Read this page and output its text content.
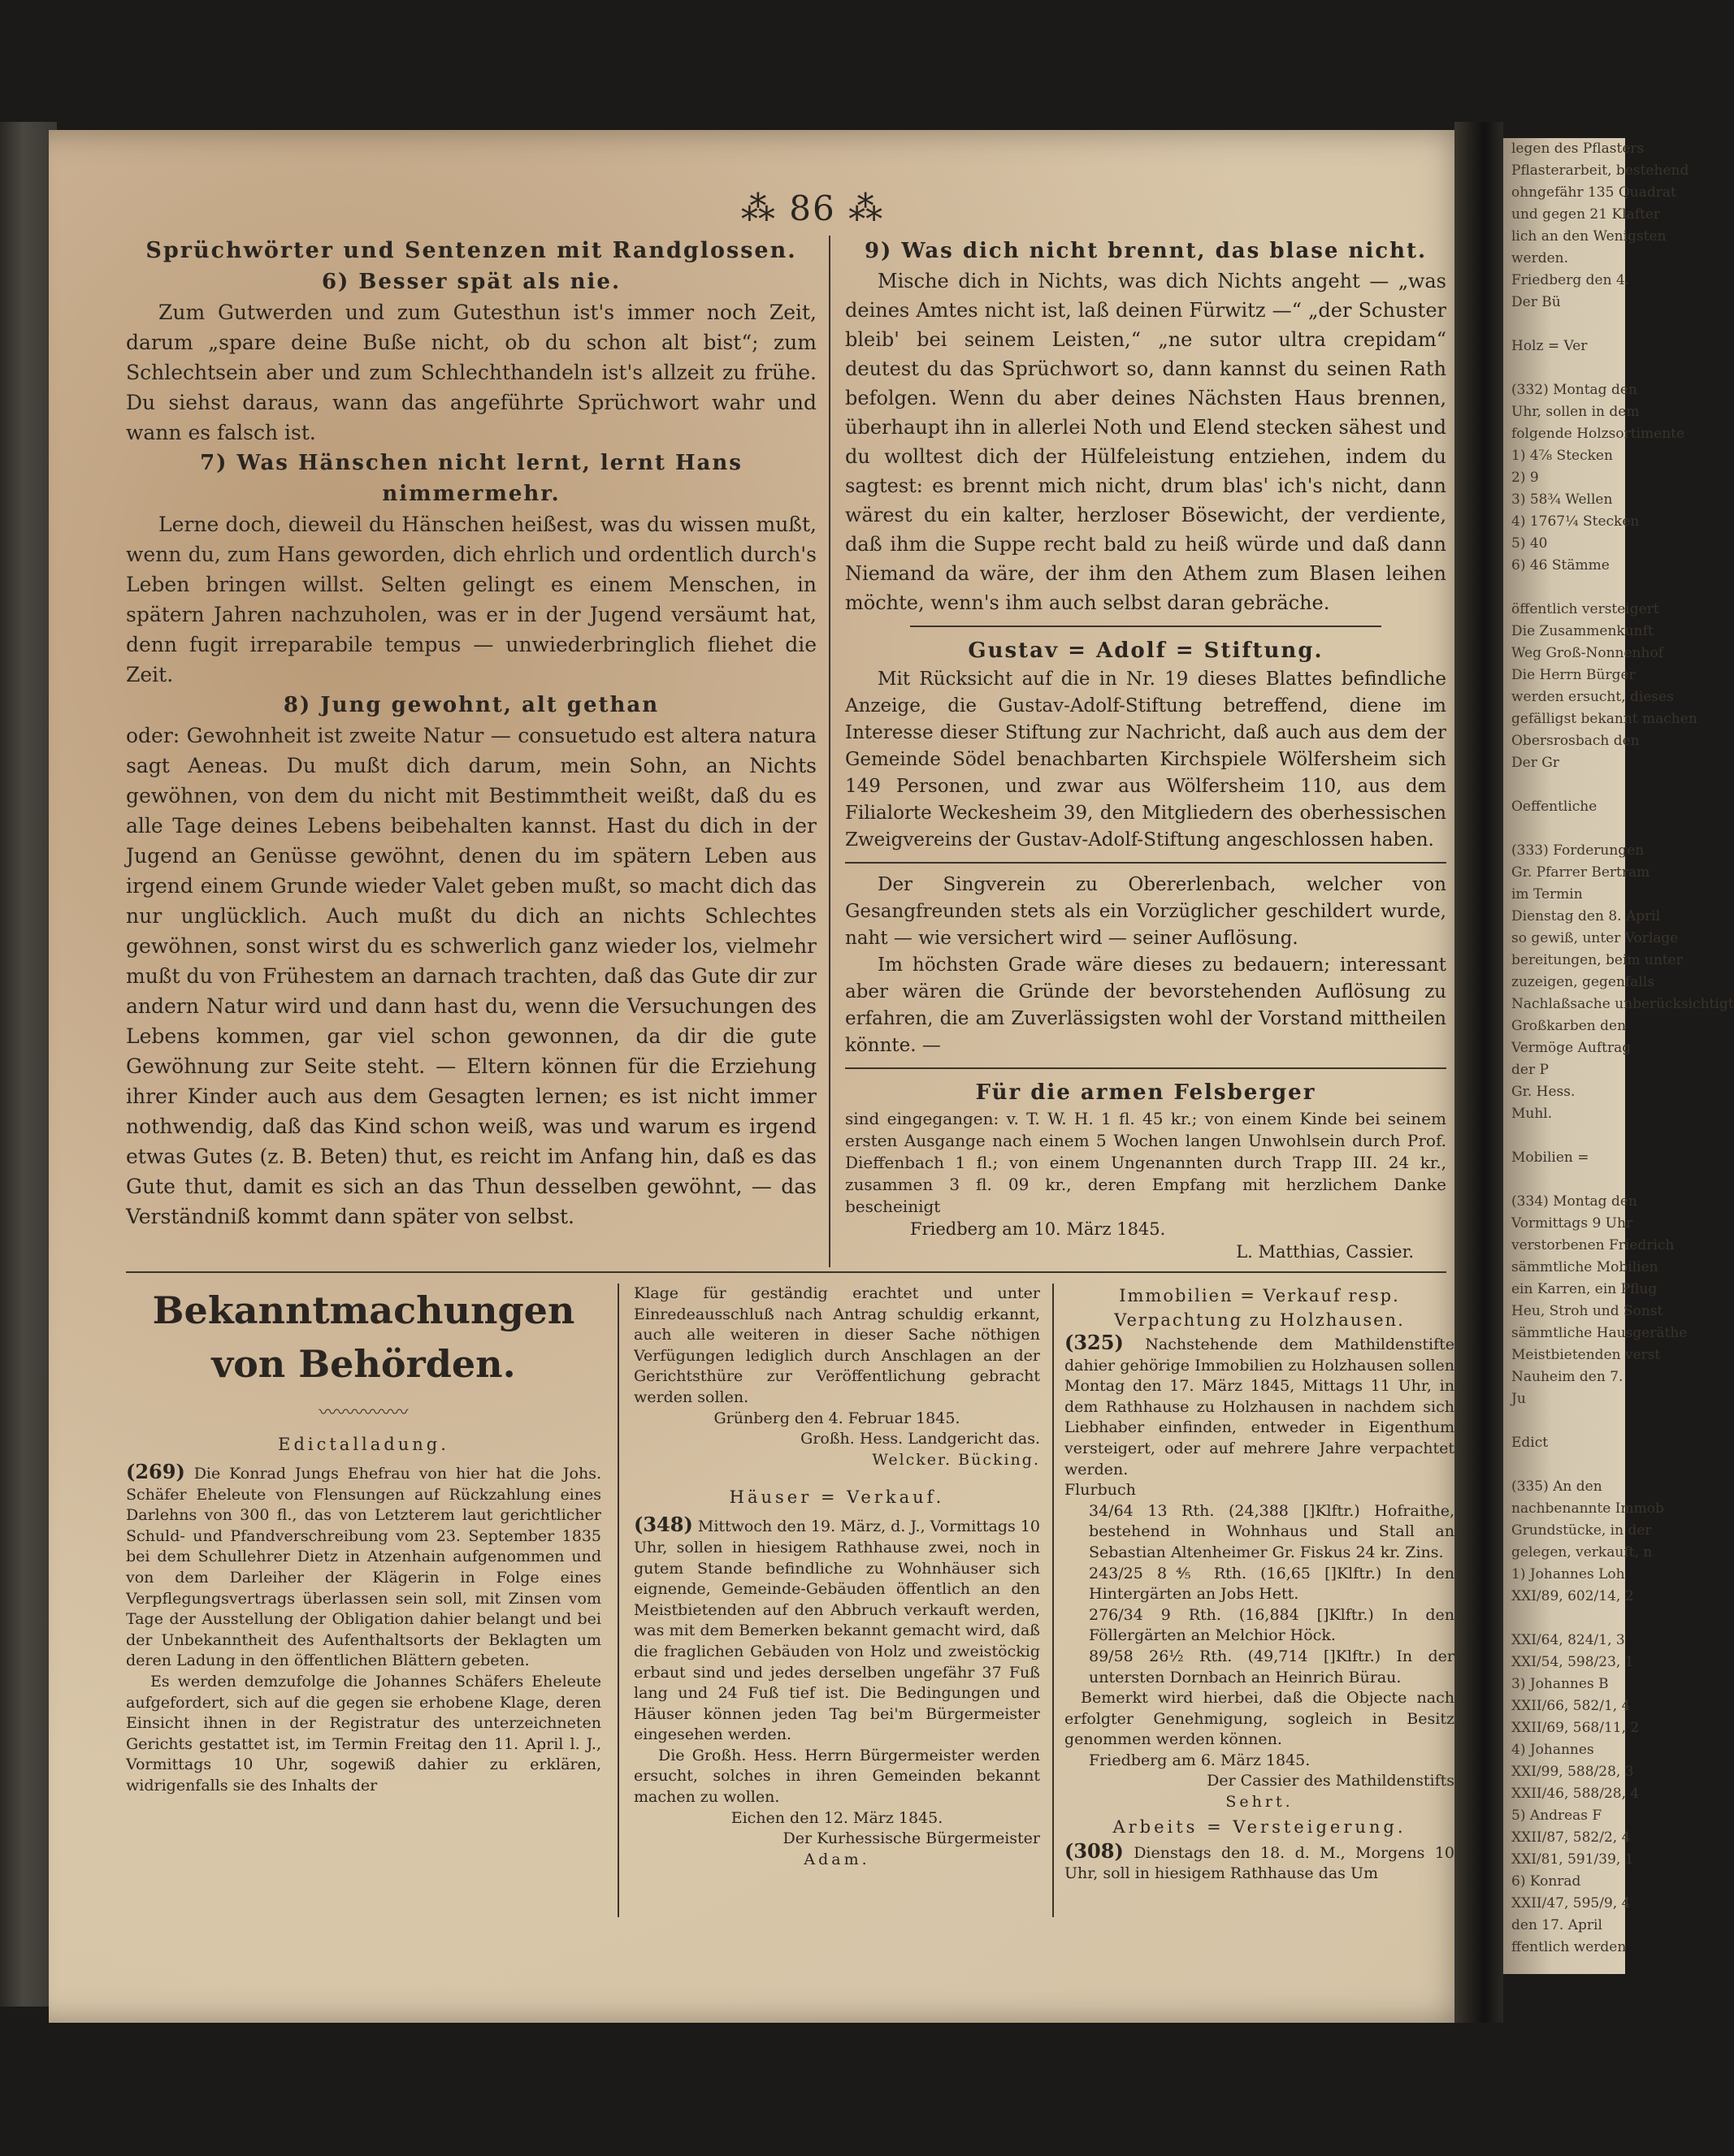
legen des Pflasters
Pflasterarbeit, bestehend
ohngefähr 135 Quadrat
und gegen 21 Klafter
lich an den Wenigsten
werden.
Friedberg den 4.
Der Bü

Holz = Ver

(332) Montag den
Uhr, sollen in dem
folgende Holzsortimente
1) 4⅞ Stecken
2) 9
3) 58¾ Wellen
4) 1767¼ Stecken
5) 40
6) 46 Stämme

öffentlich versteigert
Die Zusammenkunft
Weg Groß-Nonnenhof
Die Herrn Bürger
werden ersucht, dieses
gefälligst bekannt machen
Obersrosbach den
Der Gr

Oeffentliche

(333) Forderungen
Gr. Pfarrer Bertram
im Termin
Dienstag den 8. April
so gewiß, unter Vorlage
bereitungen, beim unter
zuzeigen, gegenfalls
Nachlaßsache unberücksichtigt
Großkarben den
Vermöge Auftrag
der P
Gr. Hess.
Muhl.

Mobilien =

(334) Montag den
Vormittags 9 Uhr
verstorbenen Friedrich
sämmtliche Mobilien
ein Karren, ein Pflug
Heu, Stroh und Sonst
sämmtliche Hausgeräthe
Meistbietenden verst
Nauheim den 7.
Ju

Edict

(335) An den
nachbenannte Immob
Grundstücke, in der
gelegen, verkauft, n
1) Johannes Loh
XXI/89, 602/14, 2

XXI/64, 824/1, 3
XXI/54, 598/23, 1
3) Johannes B
XXII/66, 582/1, 4
XXII/69, 568/11, 2
4) Johannes
XXI/99, 588/28, 3
XXII/46, 588/28, 4
5) Andreas F
XXII/87, 582/2, 4
XXI/81, 591/39, 1
6) Konrad
XXII/47, 595/9, 4
den 17. April
ffentlich werden
⁂ 86 ⁂

Sprüchwörter und Sentenzen mit Randglossen.

6) Besser spät als nie.

Zum Gutwerden und zum Gutesthun ist's immer noch Zeit, darum „spare deine Buße nicht, ob du schon alt bist“; zum Schlechtsein aber und zum Schlechthandeln ist's allzeit zu frühe. Du siehst daraus, wann das angeführte Sprüchwort wahr und wann es falsch ist.

7) Was Hänschen nicht lernt, lernt Hans nimmermehr.

Lerne doch, dieweil du Hänschen heißest, was du wissen mußt, wenn du, zum Hans geworden, dich ehrlich und ordentlich durch's Leben bringen willst. Selten gelingt es einem Menschen, in spätern Jahren nachzuholen, was er in der Jugend versäumt hat, denn fugit irreparabile tempus — unwiederbringlich fliehet die Zeit.

8) Jung gewohnt, alt gethan

oder: Gewohnheit ist zweite Natur — consuetudo est altera natura sagt Aeneas. Du mußt dich darum, mein Sohn, an Nichts gewöhnen, von dem du nicht mit Bestimmtheit weißt, daß du es alle Tage deines Lebens beibehalten kannst. Hast du dich in der Jugend an Genüsse gewöhnt, denen du im spätern Leben aus irgend einem Grunde wieder Valet geben mußt, so macht dich das nur unglücklich. Auch mußt du dich an nichts Schlechtes gewöhnen, sonst wirst du es schwerlich ganz wieder los, vielmehr mußt du von Frühestem an darnach trachten, daß das Gute dir zur andern Natur wird und dann hast du, wenn die Versuchungen des Lebens kommen, gar viel schon gewonnen, da dir die gute Gewöhnung zur Seite steht. — Eltern können für die Erziehung ihrer Kinder auch aus dem Gesagten lernen; es ist nicht immer nothwendig, daß das Kind schon weiß, was und warum es irgend etwas Gutes (z. B. Beten) thut, es reicht im Anfang hin, daß es das Gute thut, damit es sich an das Thun desselben gewöhnt, — das Verständniß kommt dann später von selbst.

9) Was dich nicht brennt, das blase nicht.

Mische dich in Nichts, was dich Nichts angeht — „was deines Amtes nicht ist, laß deinen Fürwitz —“ „der Schuster bleib' bei seinem Leisten,“ „ne sutor ultra crepidam“ deutest du das Sprüchwort so, dann kannst du seinen Rath befolgen. Wenn du aber deines Nächsten Haus brennen, überhaupt ihn in allerlei Noth und Elend stecken sähest und du wolltest dich der Hülfeleistung entziehen, indem du sagtest: es brennt mich nicht, drum blas' ich's nicht, dann wärest du ein kalter, herzloser Bösewicht, der verdiente, daß ihm die Suppe recht bald zu heiß würde und daß dann Niemand da wäre, der ihm den Athem zum Blasen leihen möchte, wenn's ihm auch selbst daran gebräche.

Gustav = Adolf = Stiftung.

Mit Rücksicht auf die in Nr. 19 dieses Blattes befindliche Anzeige, die Gustav-Adolf-Stiftung betreffend, diene im Interesse dieser Stiftung zur Nachricht, daß auch aus dem der Gemeinde Södel benachbarten Kirchspiele Wölfersheim sich 149 Personen, und zwar aus Wölfersheim 110, aus dem Filialorte Weckesheim 39, den Mitgliedern des oberhessischen Zweigvereins der Gustav-Adolf-Stiftung angeschlossen haben.

Der Singverein zu Obererlenbach, welcher von Gesangfreunden stets als ein Vorzüglicher geschildert wurde, naht — wie versichert wird — seiner Auflösung.

Im höchsten Grade wäre dieses zu bedauern; interessant aber wären die Gründe der bevorstehenden Auflösung zu erfahren, die am Zuverlässigsten wohl der Vorstand mittheilen könnte. —

Für die armen Felsberger

sind eingegangen: v. T. W. H. 1 fl. 45 kr.; von einem Kinde bei seinem ersten Ausgange nach einem 5 Wochen langen Unwohlsein durch Prof. Dieffenbach 1 fl.; von einem Ungenannten durch Trapp III. 24 kr., zusammen 3 fl. 09 kr., deren Empfang mit herzlichem Danke bescheinigt

Friedberg am 10. März 1845.

L. Matthias, Cassier.

Bekanntmachungen von Behörden.

〰〰〰〰〰

Edictalladung.

(269) Die Konrad Jungs Ehefrau von hier hat die Johs. Schäfer Eheleute von Flensungen auf Rückzahlung eines Darlehns von 300 fl., das von Letzterem laut gerichtlicher Schuld- und Pfandverschreibung vom 23. September 1835 bei dem Schullehrer Dietz in Atzenhain aufgenommen und von dem Darleiher der Klägerin in Folge eines Verpflegungsvertrags überlassen sein soll, mit Zinsen vom Tage der Ausstellung der Obligation dahier belangt und bei der Unbekanntheit des Aufenthaltsorts der Beklagten um deren Ladung in den öffentlichen Blättern gebeten.

Es werden demzufolge die Johannes Schäfers Eheleute aufgefordert, sich auf die gegen sie erhobene Klage, deren Einsicht ihnen in der Registratur des unterzeichneten Gerichts gestattet ist, im Termin Freitag den 11. April l. J., Vormittags 10 Uhr, sogewiß dahier zu erklären, widrigenfalls sie des Inhalts der

Klage für geständig erachtet und unter Einredeausschluß nach Antrag schuldig erkannt, auch alle weiteren in dieser Sache nöthigen Verfügungen lediglich durch Anschlagen an der Gerichtsthüre zur Veröffentlichung gebracht werden sollen.

Grünberg den 4. Februar 1845.

Großh. Hess. Landgericht das.

Welcker. Bücking.

Häuser = Verkauf.

(348) Mittwoch den 19. März, d. J., Vormittags 10 Uhr, sollen in hiesigem Rathhause zwei, noch in gutem Stande befindliche zu Wohnhäuser sich eignende, Gemeinde-Gebäuden öffentlich an den Meistbietenden auf den Abbruch verkauft werden, was mit dem Bemerken bekannt gemacht wird, daß die fraglichen Gebäuden von Holz und zweistöckig erbaut sind und jedes derselben ungefähr 37 Fuß lang und 24 Fuß tief ist. Die Bedingungen und Häuser können jeden Tag bei'm Bürgermeister eingesehen werden.

Die Großh. Hess. Herrn Bürgermeister werden ersucht, solches in ihren Gemeinden bekannt machen zu wollen.

Eichen den 12. März 1845.

Der Kurhessische Bürgermeister

Adam.

Immobilien = Verkauf resp. Verpachtung zu Holzhausen.

(325) Nachstehende dem Mathildenstifte dahier gehörige Immobilien zu Holzhausen sollen Montag den 17. März 1845, Mittags 11 Uhr, in dem Rathhause zu Holzhausen in nachdem sich Liebhaber einfinden, entweder in Eigenthum versteigert, oder auf mehrere Jahre verpachtet werden.

Flurbuch

34/64 13 Rth. (24,388 []Klftr.) Hofraithe, bestehend in Wohnhaus und Stall an Sebastian Altenheimer Gr. Fiskus 24 kr. Zins.

243/25 8⅘ Rth. (16,65 []Klftr.) In den Hintergärten an Jobs Hett.

276/34 9 Rth. (16,884 []Klftr.) In den Föllergärten an Melchior Höck.

89/58 26½ Rth. (49,714 []Klftr.) In der untersten Dornbach an Heinrich Bürau.

Bemerkt wird hierbei, daß die Objecte nach erfolgter Genehmigung, sogleich in Besitz genommen werden können.

Friedberg am 6. März 1845.

Der Cassier des Mathildenstifts

Sehrt.

Arbeits = Versteigerung.

(308) Dienstags den 18. d. M., Morgens 10 Uhr, soll in hiesigem Rathhause das Um
